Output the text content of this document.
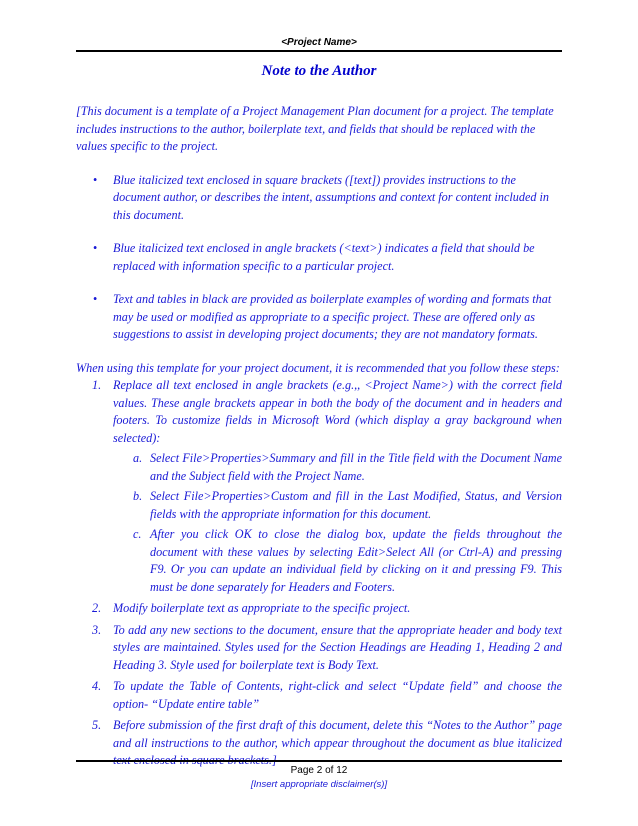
<Project Name>
Note to the Author

[This document is a template of a Project Management Plan document for a project. The template includes instructions to the author, boilerplate text, and fields that should be replaced with the values specific to the project.

• Blue italicized text enclosed in square brackets ([text]) provides instructions to the document author, or describes the intent, assumptions and context for content included in this document.
• Blue italicized text enclosed in angle brackets (<text>) indicates a field that should be replaced with information specific to a particular project.
• Text and tables in black are provided as boilerplate examples of wording and formats that may be used or modified as appropriate to a specific project. These are offered only as suggestions to assist in developing project documents; they are not mandatory formats.

When using this template for your project document, it is recommended that you follow these steps:

1. Replace all text enclosed in angle brackets (e.g.,, <Project Name>) with the correct field values. These angle brackets appear in both the body of the document and in headers and footers. To customize fields in Microsoft Word (which display a gray background when selected):
a. Select File>Properties>Summary and fill in the Title field with the Document Name and the Subject field with the Project Name.
b. Select File>Properties>Custom and fill in the Last Modified, Status, and Version fields with the appropriate information for this document.
c. After you click OK to close the dialog box, update the fields throughout the document with these values by selecting Edit>Select All (or Ctrl-A) and pressing F9. Or you can update an individual field by clicking on it and pressing F9. This must be done separately for Headers and Footers.
2. Modify boilerplate text as appropriate to the specific project.
3. To add any new sections to the document, ensure that the appropriate header and body text styles are maintained. Styles used for the Section Headings are Heading 1, Heading 2 and Heading 3. Style used for boilerplate text is Body Text.
4. To update the Table of Contents, right-click and select “Update field” and choose the option- “Update entire table”
5. Before submission of the first draft of this document, delete this “Notes to the Author” page and all instructions to the author, which appear throughout the document as blue italicized text enclosed in square brackets.]
Page 2 of 12
[Insert appropriate disclaimer(s)]
